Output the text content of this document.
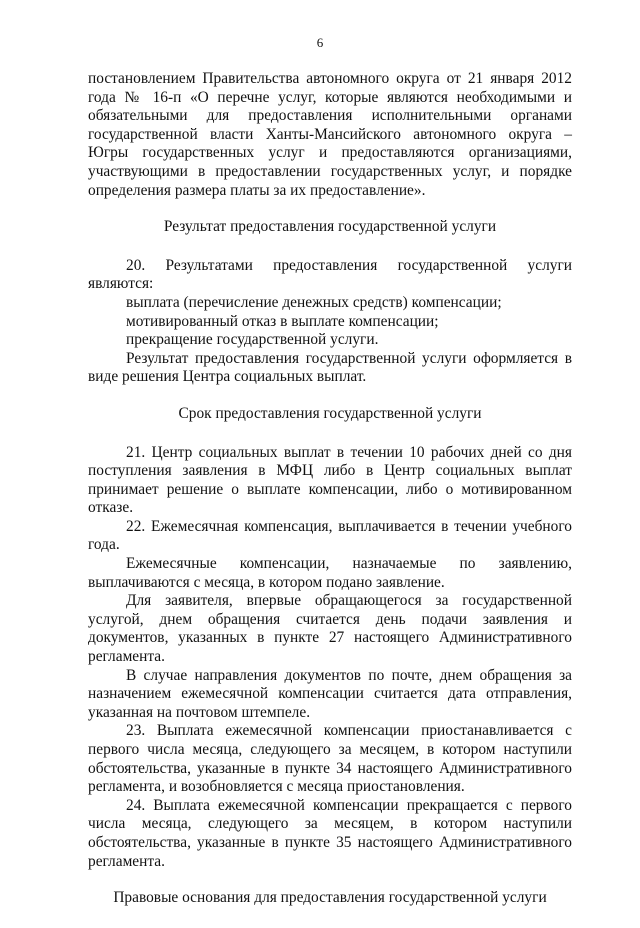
6

постановлением Правительства автономного округа от 21 января 2012 года № 16-п «О перечне услуг, которые являются необходимыми и обязательными для предоставления исполнительными органами государственной власти Ханты-Мансийского автономного округа – Югры государственных услуг и предоставляются организациями, участвующими в предоставлении государственных услуг, и порядке определения размера платы за их предоставление».

Результат предоставления государственной услуги

20. Результатами предоставления государственной услуги являются:

выплата (перечисление денежных средств) компенсации;

мотивированный отказ в выплате компенсации;

прекращение государственной услуги.

Результат предоставления государственной услуги оформляется в виде решения Центра социальных выплат.

Срок предоставления государственной услуги

21. Центр социальных выплат в течении 10 рабочих дней со дня поступления заявления в МФЦ либо в Центр социальных выплат принимает решение о выплате компенсации, либо о мотивированном отказе.

22. Ежемесячная компенсация, выплачивается в течении учебного года.

Ежемесячные компенсации, назначаемые по заявлению, выплачиваются с месяца, в котором подано заявление.

Для заявителя, впервые обращающегося за государственной услугой, днем обращения считается день подачи заявления и документов, указанных в пункте 27 настоящего Административного регламента.

В случае направления документов по почте, днем обращения за назначением ежемесячной компенсации считается дата отправления, указанная на почтовом штемпеле.

23. Выплата ежемесячной компенсации приостанавливается с первого числа месяца, следующего за месяцем, в котором наступили обстоятельства, указанные в пункте 34 настоящего Административного регламента, и возобновляется с месяца приостановления.

24. Выплата ежемесячной компенсации прекращается с первого числа месяца, следующего за месяцем, в котором наступили обстоятельства, указанные в пункте 35 настоящего Административного регламента.

Правовые основания для предоставления государственной услуги
